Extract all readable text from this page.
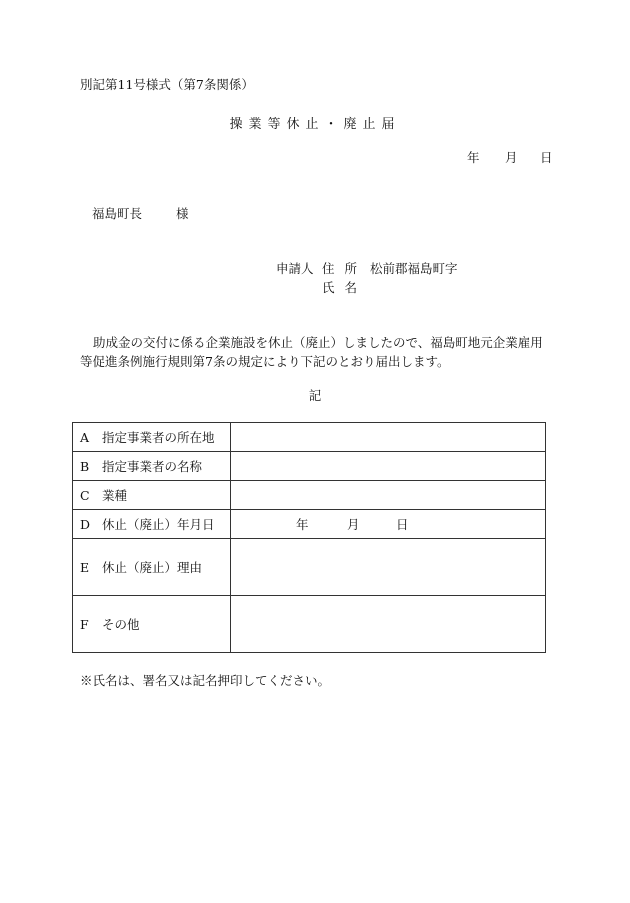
別記第11号様式（第7条関係）
操業等休止・廃止届
年 月 日
福島町長	様
申請人 住所 松前郡福島町字
氏名
助成金の交付に係る企業施設を休止（廃止）しましたので、福島町地元企業雇用等促進条例施行規則第7条の規定により下記のとおり届出します。
記
A 指定事業者の所在地	
B 指定事業者の名称	
C 業種	
D 休止（廃止）年月日	年 月 日

E 休止（廃止）理由	
F その他	
※氏名は、署名又は記名押印してください。
